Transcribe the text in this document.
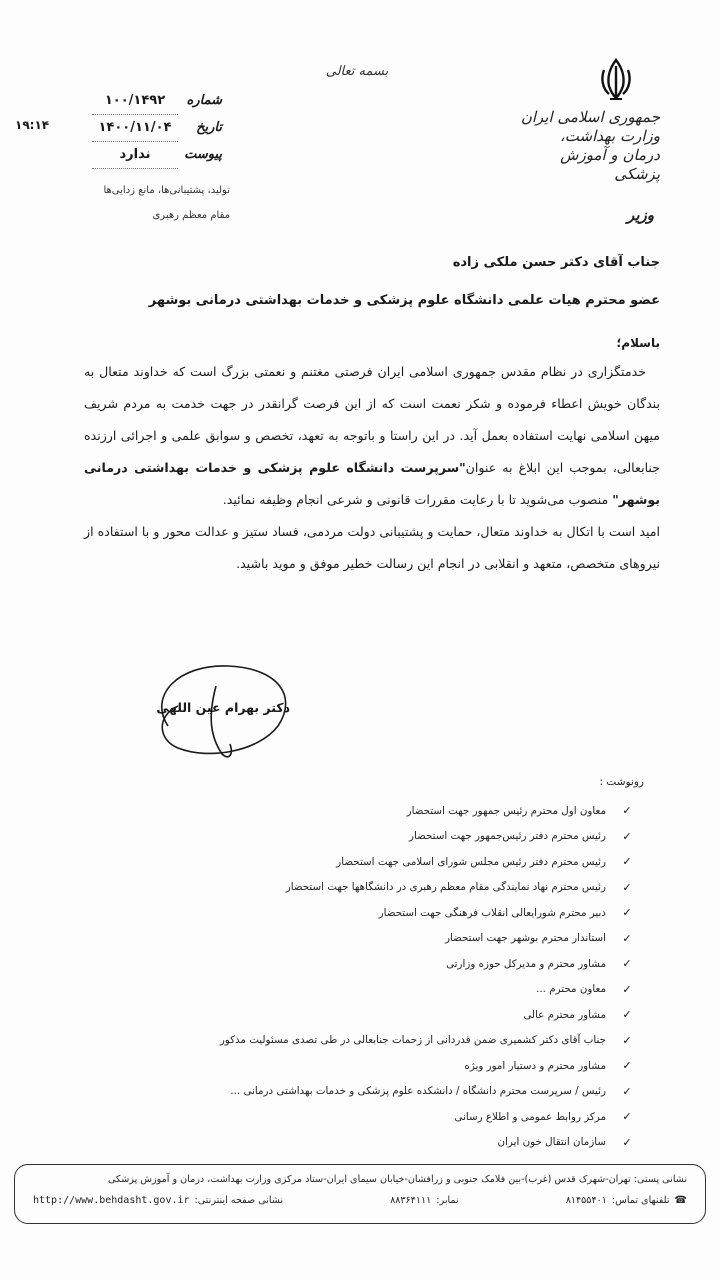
جمهوری اسلامی ایران
وزارت بهداشت، درمان و آموزش پزشکی
وزیر
بسمه تعالی
شماره
۱۰۰/۱۴۹۲
تاریخ
۱۴۰۰/۱۱/۰۴
پیوست
ندارد
۱۹:۱۴
تولید، پشتیبانی‌ها، مانع زدایی‌ها
مقام معظم رهبری
جناب آقای دکتر حسن ملکی زاده
عضو محترم هیات علمی دانشگاه علوم پزشکی و خدمات بهداشتی درمانی بوشهر
باسلام؛

خدمتگزاری در نظام مقدس جمهوری اسلامی ایران فرصتی مغتنم و نعمتی بزرگ است که خداوند متعال به بندگان خویش اعطاء فرموده و شکر نعمت است که از این فرصت گرانقدر در جهت خدمت به مردم شریف میهن اسلامی نهایت استفاده بعمل آید. در این راستا و باتوجه به تعهد، تخصص و سوابق علمی و اجرائی ارزنده جنابعالی، بموجب این ابلاغ به عنوان"سرپرست دانشگاه علوم پزشکی و خدمات بهداشتی درمانی بوشهر" منصوب می‌شوید تا با رعایت مقررات قانونی و شرعی انجام وظیفه نمائید.

امید است با اتکال به خداوند متعال، حمایت و پشتیبانی دولت مردمی، فساد ستیز و عدالت محور و با استفاده از نیروهای متخصص، متعهد و انقلابی در انجام این رسالت خطیر موفق و موید باشید.

دکتر بهرام عین اللهی
رونوشت :
✓
معاون اول محترم رئیس جمهور جهت استحضار
✓
رئیس محترم دفتر رئیس‌جمهور جهت استحضار
✓
رئیس محترم دفتر رئیس مجلس شورای اسلامی جهت استحضار
✓
رئیس محترم نهاد نمایندگی مقام معظم رهبری در دانشگاهها جهت استحضار
✓
دبیر محترم شورایعالی انقلاب فرهنگی جهت استحضار
✓
استاندار محترم بوشهر جهت استحضار
✓
مشاور محترم و مدیرکل حوزه وزارتی
✓
معاون محترم ...
✓
مشاور محترم عالی
✓
جناب آقای دکتر کشمیری ضمن قدردانی از زحمات جنابعالی در طی تصدی مسئولیت مذکور
✓
مشاور محترم و دستیار امور ویژه
✓
رئیس / سرپرست محترم دانشگاه / دانشکده علوم پزشکی و خدمات بهداشتی درمانی ...
✓
مرکز روابط عمومی و اطلاع رسانی
✓
سازمان انتقال خون ایران
نشانی پستی: تهران-شهرک قدس (غرب)-بین فلامک جنوبی و زرافشان-خیابان سیمای ایران-ستاد مرکزی وزارت بهداشت، درمان و آموزش پزشکی
نشانی صفحه اینترنتی:
http://www.behdasht.gov.ir	نمابر:
۸۸۳۶۴۱۱۱	☎
تلفنهای تماس:
۸۱۴۵۵۴۰۱
